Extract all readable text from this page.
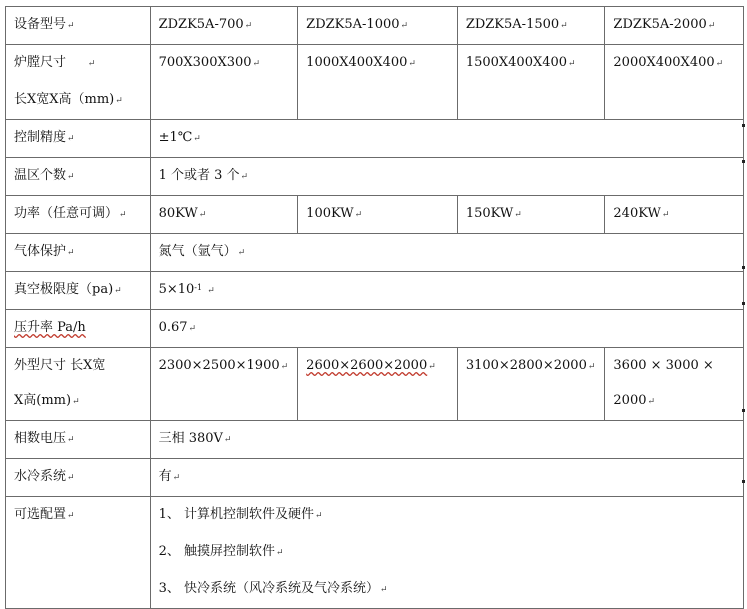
设备型号↵	ZDZK5A-700↵	ZDZK5A-1000↵	ZDZK5A-1500↵	ZDZK5A-2000↵

炉膛尺寸 ↵
长X宽X高（mm)↵	700X300X300↵	1000X400X400↵	1500X400X400↵	2000X400X400↵
控制精度↵	±1℃↵			
温区个数↵	1 个或者 3 个↵			
功率（任意可调）↵	80KW↵	100KW↵	150KW↵	240KW↵
气体保护↵	氮气（氩气）↵			
真空极限度（pa)↵	$5\times 10^{-1}$ ↵			
压升率 Pa/h	0.67↵			

外型尺寸 长X宽
X高(mm)↵	2300×2500×1900↵	2600×2600×2000↵	3100×2800×2000↵	3600 × 3000 ×
2000↵

相数电压↵	三相 380V↵			
水冷系统↵	有↵			
可选配置↵	1、 计算机控制软件及硬件↵
2、 触摸屏控制软件↵
3、 快冷系统（风冷系统及气冷系统）↵			
